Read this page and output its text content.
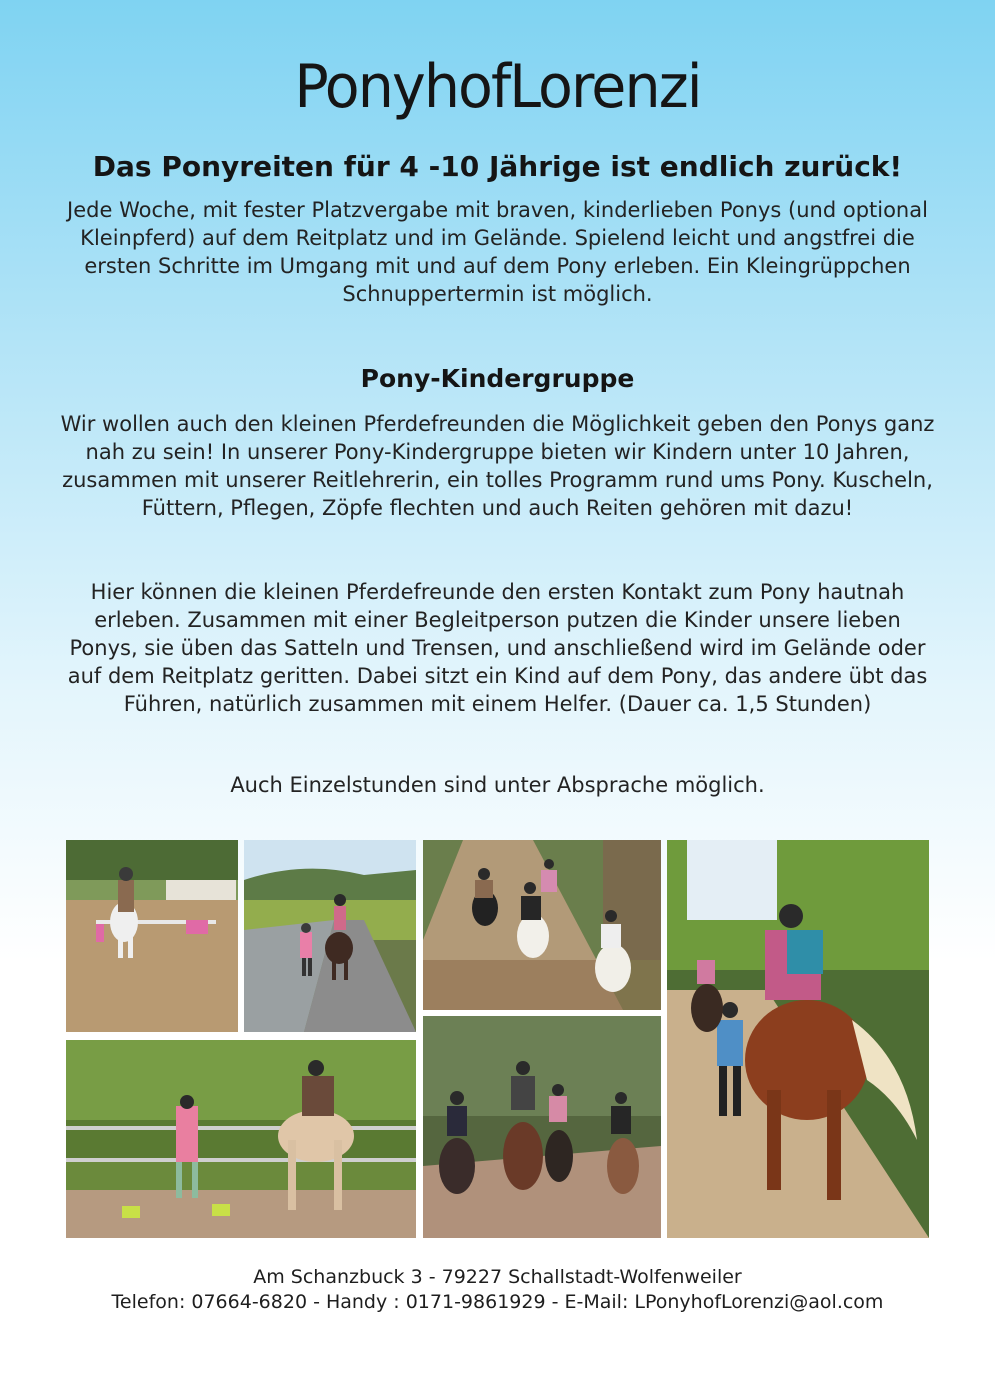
PonyhofLorenzi
Das Ponyreiten für 4 -10 Jährige ist endlich zurück!

Jede Woche, mit fester Platzvergabe mit braven, kinderlieben Ponys (und optional Kleinpferd) auf dem Reitplatz und im Gelände. Spielend leicht und angstfrei die ersten Schritte im Umgang mit und auf dem Pony erleben. Ein Kleingrüppchen Schnuppertermin ist möglich.

Pony-Kindergruppe

Wir wollen auch den kleinen Pferdefreunden die Möglichkeit geben den Ponys ganz nah zu sein! In unserer Pony-Kindergruppe bieten wir Kindern unter 10 Jahren, zusammen mit unserer Reitlehrerin, ein tolles Programm rund ums Pony. Kuscheln, Füttern, Pflegen, Zöpfe flechten und auch Reiten gehören mit dazu!

Hier können die kleinen Pferdefreunde den ersten Kontakt zum Pony hautnah erleben. Zusammen mit einer Begleitperson putzen die Kinder unsere lieben Ponys, sie üben das Satteln und Trensen, und anschließend wird im Gelände oder auf dem Reitplatz geritten. Dabei sitzt ein Kind auf dem Pony, das andere übt das Führen, natürlich zusammen mit einem Helfer. (Dauer ca. 1,5 Stunden)

Auch Einzelstunden sind unter Absprache möglich.

Am Schanzbuck 3 - 79227 Schallstadt-Wolfenweiler
Telefon: 07664-6820 - Handy : 0171-9861929 - E-Mail: LPonyhofLorenzi@aol.com
